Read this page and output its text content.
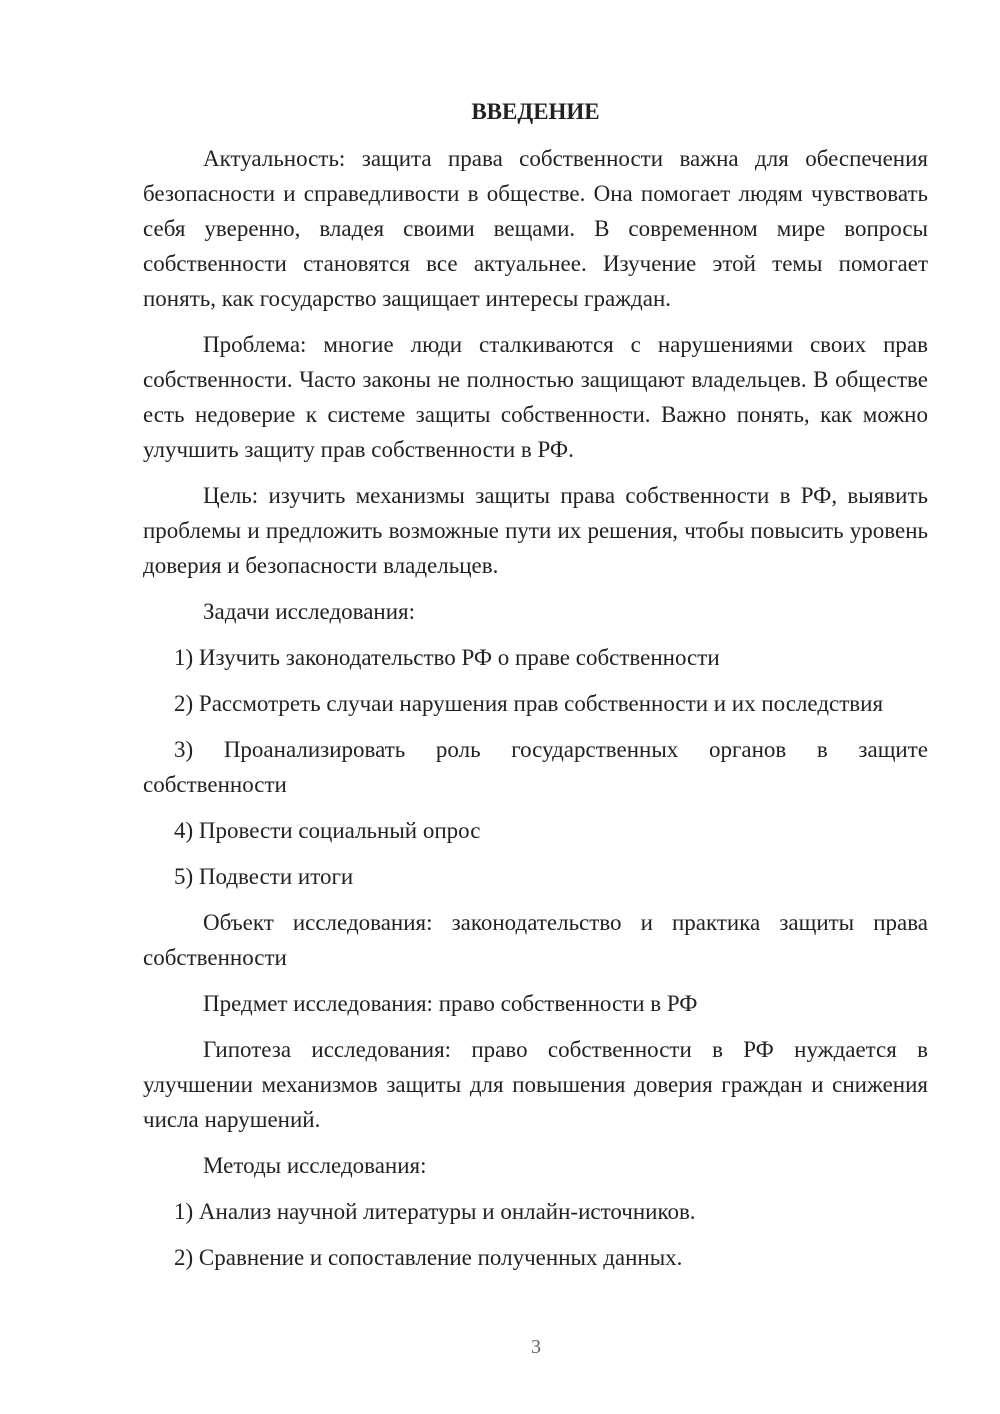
ВВЕДЕНИЕ

Актуальность: защита права собственности важна для обеспечения безопасности и справедливости в обществе. Она помогает людям чувствовать себя уверенно, владея своими вещами. В современном мире вопросы собственности становятся все актуальнее. Изучение этой темы помогает понять, как государство защищает интересы граждан.

Проблема: многие люди сталкиваются с нарушениями своих прав собственности. Часто законы не полностью защищают владельцев. В обществе есть недоверие к системе защиты собственности. Важно понять, как можно улучшить защиту прав собственности в РФ.

Цель: изучить механизмы защиты права собственности в РФ, выявить проблемы и предложить возможные пути их решения, чтобы повысить уровень доверия и безопасности владельцев.

Задачи исследования:

1) Изучить законодательство РФ о праве собственности

2) Рассмотреть случаи нарушения прав собственности и их последствия

3) Проанализировать роль государственных органов в защите собственности

4) Провести социальный опрос

5) Подвести итоги

Объект исследования: законодательство и практика защиты права собственности

Предмет исследования: право собственности в РФ

Гипотеза исследования: право собственности в РФ нуждается в улучшении механизмов защиты для повышения доверия граждан и снижения числа нарушений.

Методы исследования:

1) Анализ научной литературы и онлайн-источников.

2) Сравнение и сопоставление полученных данных.

3
